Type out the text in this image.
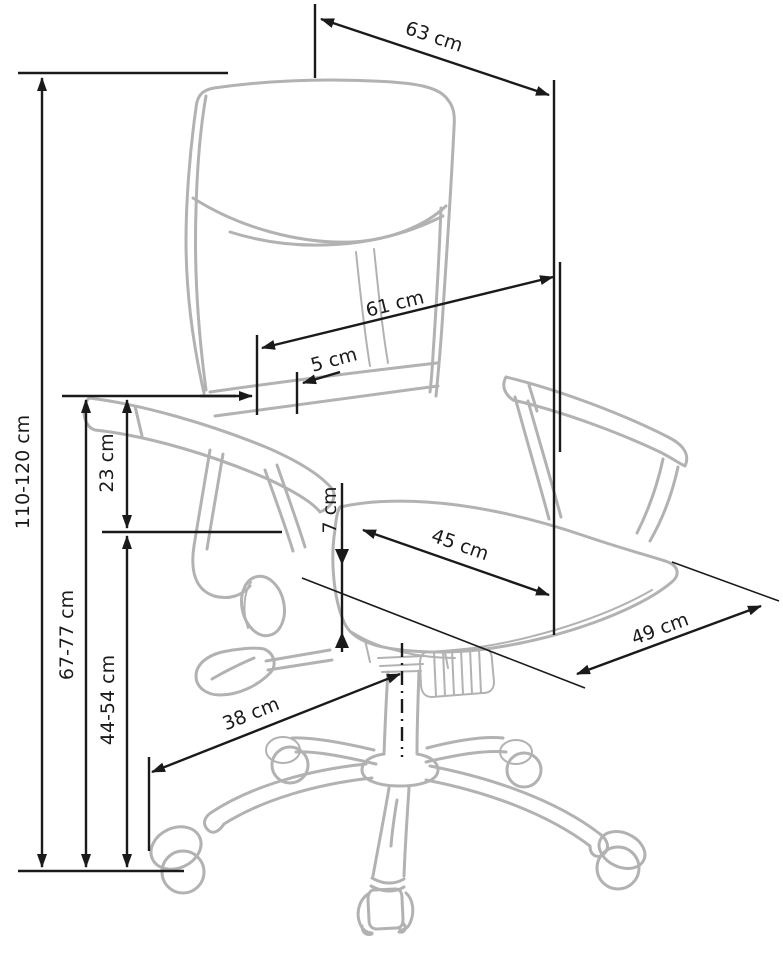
63 cm
110-120 cm
61 cm
5 cm
23 cm
67-77 cm
44-54 cm
7 cm
45 cm
49 cm
38 cm
